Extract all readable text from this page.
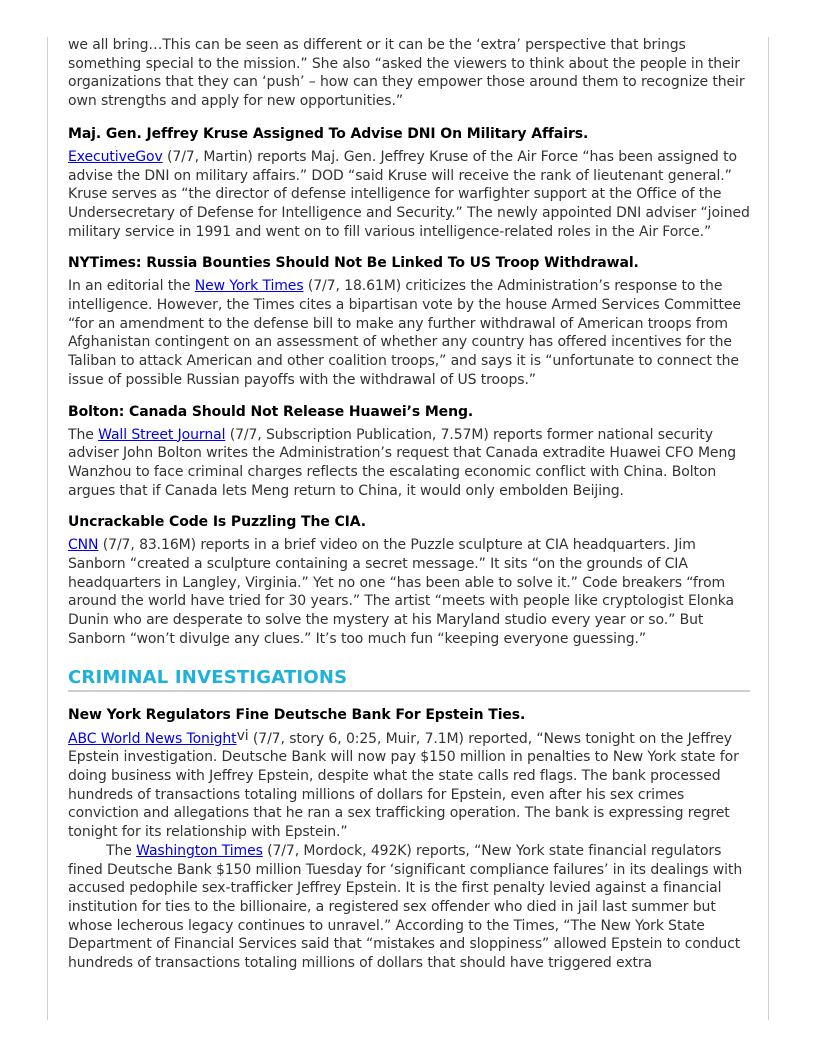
we all bring…This can be seen as different or it can be the ‘extra’ perspective that brings something special to the mission.” She also “asked the viewers to think about the people in their organizations that they can ‘push’ – how can they empower those around them to recognize their own strengths and apply for new opportunities.”

Maj. Gen. Jeffrey Kruse Assigned To Advise DNI On Military Affairs.

ExecutiveGov (7/7, Martin) reports Maj. Gen. Jeffrey Kruse of the Air Force “has been assigned to advise the DNI on military affairs.” DOD “said Kruse will receive the rank of lieutenant general.” Kruse serves as “the director of defense intelligence for warfighter support at the Office of the Undersecretary of Defense for Intelligence and Security.” The newly appointed DNI adviser “joined military service in 1991 and went on to fill various intelligence-related roles in the Air Force.”

NYTimes: Russia Bounties Should Not Be Linked To US Troop Withdrawal.

In an editorial the New York Times (7/7, 18.61M) criticizes the Administration’s response to the intelligence. However, the Times cites a bipartisan vote by the house Armed Services Committee “for an amendment to the defense bill to make any further withdrawal of American troops from Afghanistan contingent on an assessment of whether any country has offered incentives for the Taliban to attack American and other coalition troops,” and says it is “unfortunate to connect the issue of possible Russian payoffs with the withdrawal of US troops.”

Bolton: Canada Should Not Release Huawei’s Meng.

The Wall Street Journal (7/7, Subscription Publication, 7.57M) reports former national security adviser John Bolton writes the Administration’s request that Canada extradite Huawei CFO Meng Wanzhou to face criminal charges reflects the escalating economic conflict with China. Bolton argues that if Canada lets Meng return to China, it would only embolden Beijing.

Uncrackable Code Is Puzzling The CIA.

CNN (7/7, 83.16M) reports in a brief video on the Puzzle sculpture at CIA headquarters. Jim Sanborn “created a sculpture containing a secret message.” It sits “on the grounds of CIA headquarters in Langley, Virginia.” Yet no one “has been able to solve it.” Code breakers “from around the world have tried for 30 years.” The artist “meets with people like cryptologist Elonka Dunin who are desperate to solve the mystery at his Maryland studio every year or so.” But Sanborn “won’t divulge any clues.” It’s too much fun “keeping everyone guessing.”

CRIMINAL INVESTIGATIONS
New York Regulators Fine Deutsche Bank For Epstein Ties.

ABC World News Tonight$^{vi}$ (7/7, story 6, 0:25, Muir, 7.1M) reported, “News tonight on the Jeffrey Epstein investigation. Deutsche Bank will now pay $150 million in penalties to New York state for doing business with Jeffrey Epstein, despite what the state calls red flags. The bank processed hundreds of transactions totaling millions of dollars for Epstein, even after his sex crimes conviction and allegations that he ran a sex trafficking operation. The bank is expressing regret tonight for its relationship with Epstein.”

The Washington Times (7/7, Mordock, 492K) reports, “New York state financial regulators fined Deutsche Bank $150 million Tuesday for ‘significant compliance failures’ in its dealings with accused pedophile sex-trafficker Jeffrey Epstein. It is the first penalty levied against a financial institution for ties to the billionaire, a registered sex offender who died in jail last summer but whose lecherous legacy continues to unravel.” According to the Times, “The New York State Department of Financial Services said that “mistakes and sloppiness” allowed Epstein to conduct hundreds of transactions totaling millions of dollars that should have triggered extra
